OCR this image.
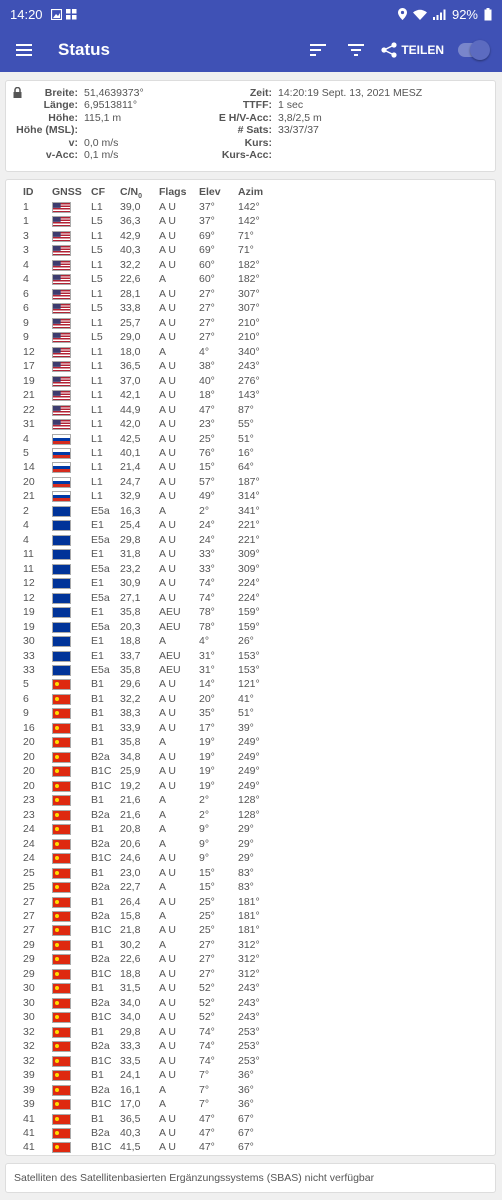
14:20	92%
Status	TEILEN
Breite: 51,4639373°
Länge: 6,9513811°
Höhe: 115,1 m
Höhe (MSL):
v: 0,0 m/s
v-Acc: 0,1 m/s
Zeit: 14:20:19 Sept. 13, 2021 MESZ
TTFF: 1 sec
E H/V-Acc: 3,8/2,5 m
# Sats: 33/37/37
Kurs:
Kurs-Acc:
ID GNSS CF $C/N_0$ Flags Elev Azim
1	L1 39,0 A U 37° 142°
1	L5 36,3 A U 37° 142°
3	L1 42,9 A U 69° 71°
3	L5 40,3 A U 69° 71°
4	L1 32,2 A U 60° 182°
4	L5 22,6 A	60° 182°
6	L1 28,1 A U 27° 307°
6	L5 33,8 A U 27° 307°
9	L1 25,7 A U 27° 210°
9	L5 29,0 A U 27° 210°
12	L1 18,0 A	4°	340°
17	L1 36,5 A U 38° 243°
19	L1 37,0 A U 40° 276°
21	L1 42,1 A U 18° 143°
22	L1 44,9 A U 47° 87°
31	L1 42,0 A U 23° 55°
4	L1 42,5 A U 25° 51°
5	L1 40,1 A U 76° 16°
14	L1 21,4 A U 15° 64°
20	L1 24,7 A U 57° 187°
21	L1 32,9 A U 49° 314°
2	E5a 16,3 A	2°	341°
4	E1 25,4 A U 24° 221°
4	E5a 29,8 A U 24° 221°
11	E1 31,8 A U 33° 309°
11	E5a 23,2 A U 33° 309°
12	E1 30,9 A U 74° 224°
12	E5a 27,1 A U 74° 224°
19	E1 35,8 AEU 78° 159°
19	E5a 20,3 AEU 78° 159°
30	E1 18,8 A	4°	26°
33	E1 33,7 AEU 31° 153°
33	E5a 35,8 AEU 31° 153°
5	B1 29,6 A U 14° 121°
6	B1 32,2 A U 20° 41°
9	B1 38,3 A U 35° 51°
16	B1 33,9 A U 17° 39°
20	B1 35,8 A	19° 249°
20	B2a 34,8 A U 19° 249°
20	B1C 25,9 A U 19° 249°
20	B1C 19,2 A U 19° 249°
23	B1 21,6 A	2°	128°
23	B2a 21,6 A	2°	128°
24	B1 20,8 A	9°	29°
24	B2a 20,6 A	9°	29°
24	B1C 24,6 A U 9°	29°
25	B1 23,0 A U 15° 83°
25	B2a 22,7 A	15° 83°
27	B1 26,4 A U 25° 181°
27	B2a 15,8 A	25° 181°
27	B1C 21,8 A U 25° 181°
29	B1 30,2 A	27° 312°
29	B2a 22,6 A U 27° 312°
29	B1C 18,8 A U 27° 312°
30	B1 31,5 A U 52° 243°
30	B2a 34,0 A U 52° 243°
30	B1C 34,0 A U 52° 243°
32	B1 29,8 A U 74° 253°
32	B2a 33,3 A U 74° 253°
32	B1C 33,5 A U 74° 253°
39	B1 24,1 A U 7°	36°
39	B2a 16,1 A	7°	36°
39	B1C 17,0 A	7°	36°
41	B1 36,5 A U 47° 67°
41	B2a 40,3 A U 47° 67°
41	B1C 41,5 A U 47° 67°
Satelliten des Satellitenbasierten Ergänzungssystems (SBAS) nicht verfügbar
